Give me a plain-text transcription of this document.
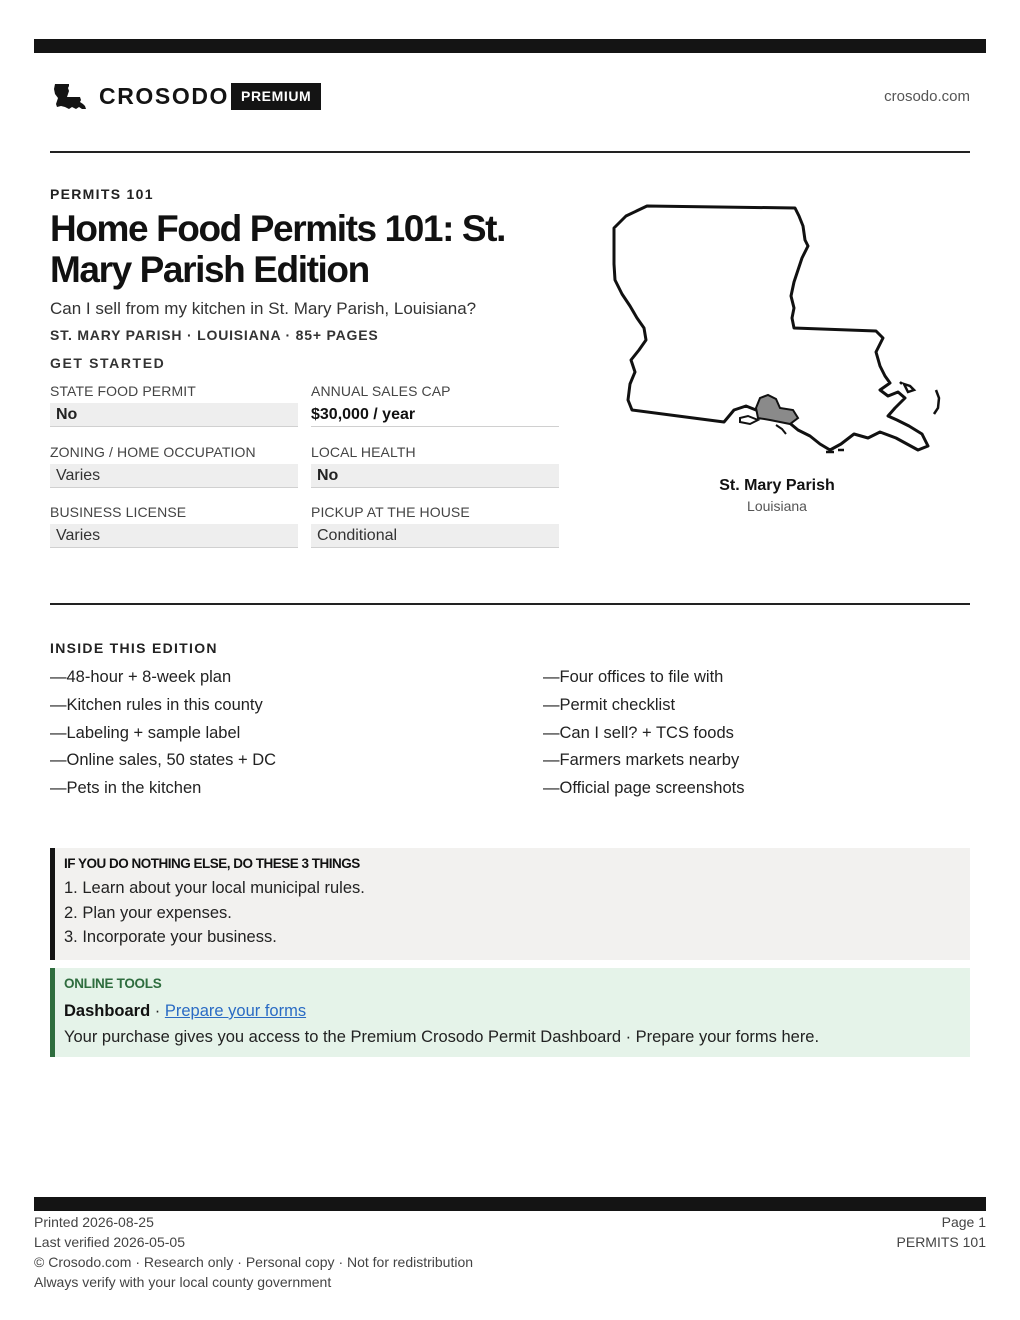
CROSODO PREMIUM	crosodo.com
PERMITS 101
Home Food Permits 101: St. Mary Parish Edition
Can I sell from my kitchen in St. Mary Parish, Louisiana?
ST. MARY PARISH · LOUISIANA · 85+ PAGES
GET STARTED
STATE FOOD PERMIT
No
ANNUAL SALES CAP
$30,000 / year
ZONING / HOME OCCUPATION
Varies
LOCAL HEALTH
No
BUSINESS LICENSE
Varies
PICKUP AT THE HOUSE
Conditional
St. Mary Parish
Louisiana
INSIDE THIS EDITION
—48-hour + 8-week plan
—Kitchen rules in this county
—Labeling + sample label
—Online sales, 50 states + DC
—Pets in the kitchen
—Four offices to file with
—Permit checklist
—Can I sell? + TCS foods
—Farmers markets nearby
—Official page screenshots
IF YOU DO NOTHING ELSE, DO THESE 3 THINGS
1. Learn about your local municipal rules.
2. Plan your expenses.
3. Incorporate your business.
ONLINE TOOLS
Dashboard · Prepare your forms
Your purchase gives you access to the Premium Crosodo Permit Dashboard · Prepare your forms here.
Printed 2026-08-25
Last verified 2026-05-05
© Crosodo.com · Research only · Personal copy · Not for redistribution
Always verify with your local county government
Page 1
PERMITS 101
